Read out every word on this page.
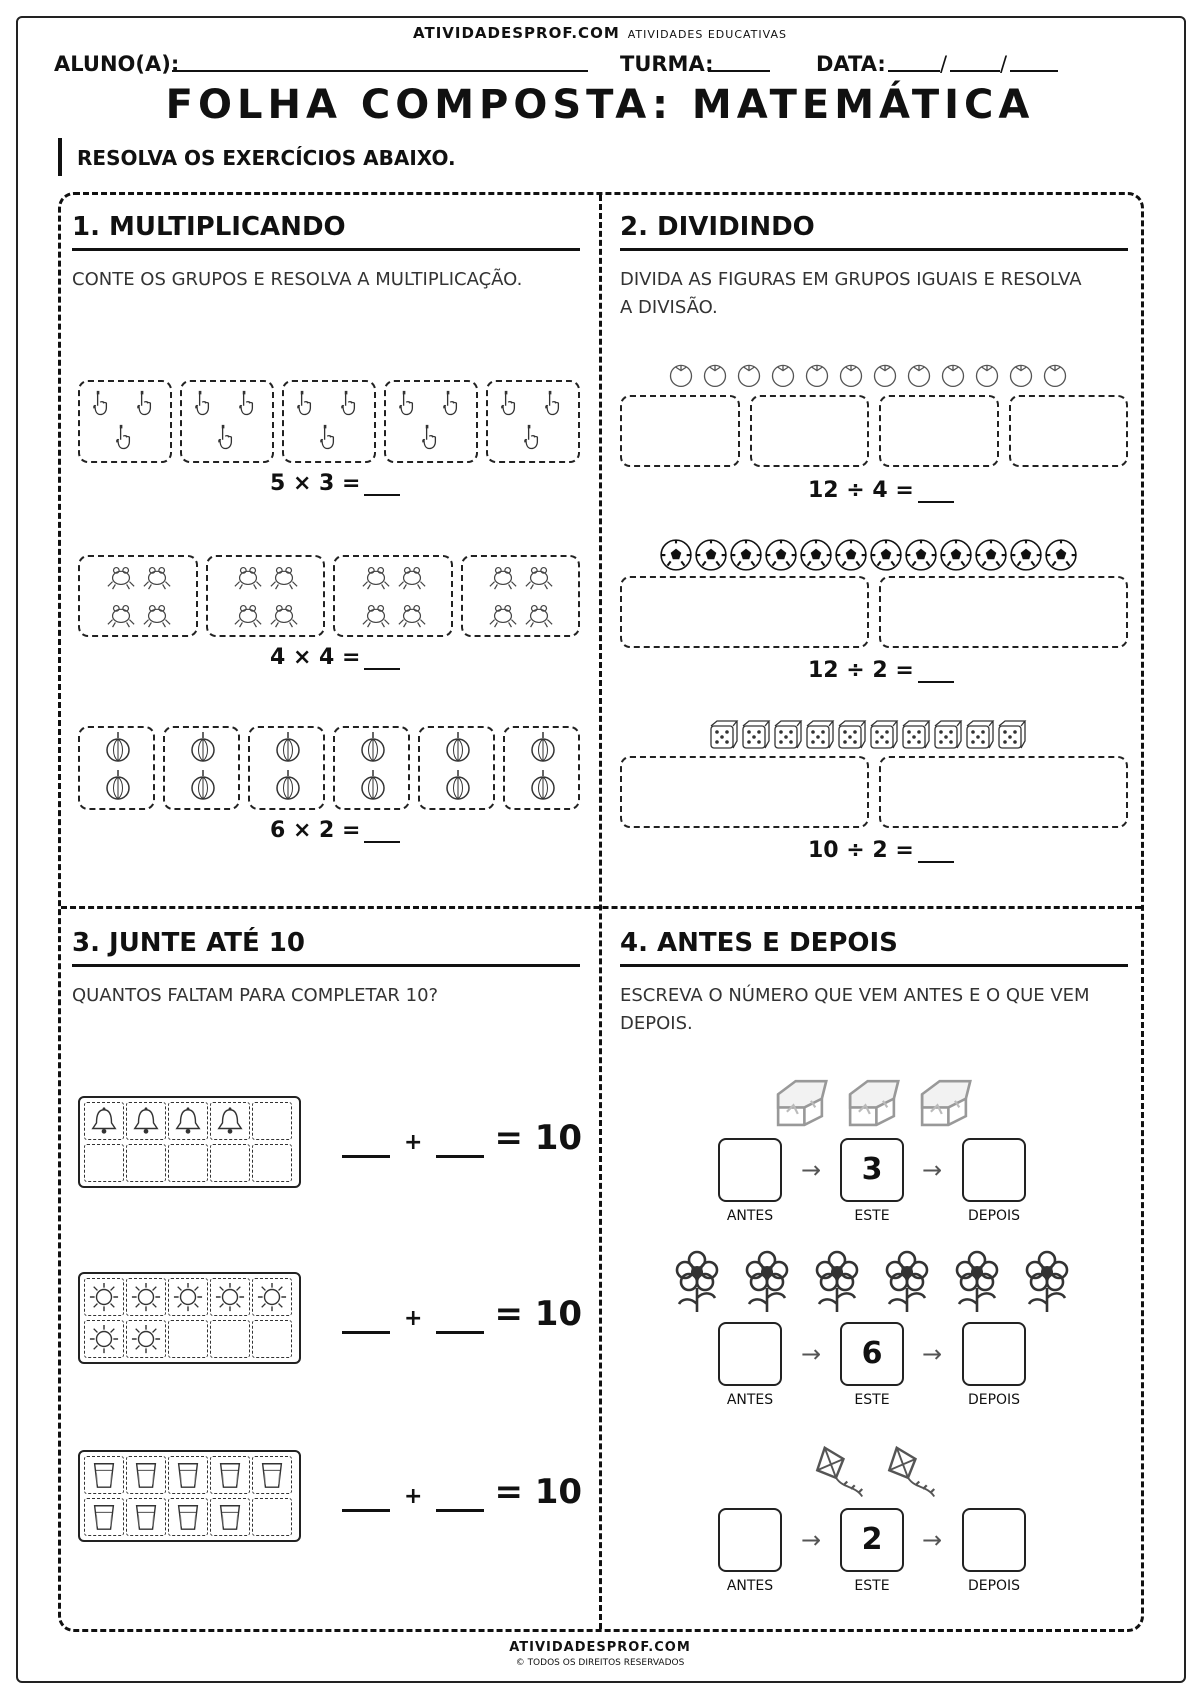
ATIVIDADESPROF.COM ATIVIDADES EDUCATIVAS
ALUNO(A):	TURMA:	DATA:	/	/
FOLHA COMPOSTA: MATEMÁTICA
RESOLVA OS EXERCÍCIOS ABAIXO.
1. MULTIPLICANDO
CONTE OS GRUPOS E RESOLVA A MULTIPLICAÇÃO.
5 × 3 =
4 × 4 =
6 × 2 =
2. DIVIDINDO
DIVIDA AS FIGURAS EM GRUPOS IGUAIS E RESOLVA A DIVISÃO.
12 ÷ 4 =
12 ÷ 2 =
10 ÷ 2 =
3. JUNTE ATÉ 10
QUANTOS FALTAM PARA COMPLETAR 10?
+ = 10
+ = 10
+ = 10
4. ANTES E DEPOIS
ESCREVA O NÚMERO QUE VEM ANTES E O QUE VEM DEPOIS.
3
→	→
ANTES	ESTE	DEPOIS
6
→	→
ANTES	ESTE	DEPOIS
2
→	→
ANTES	ESTE	DEPOIS
ATIVIDADESPROF.COM
© TODOS OS DIREITOS RESERVADOS
